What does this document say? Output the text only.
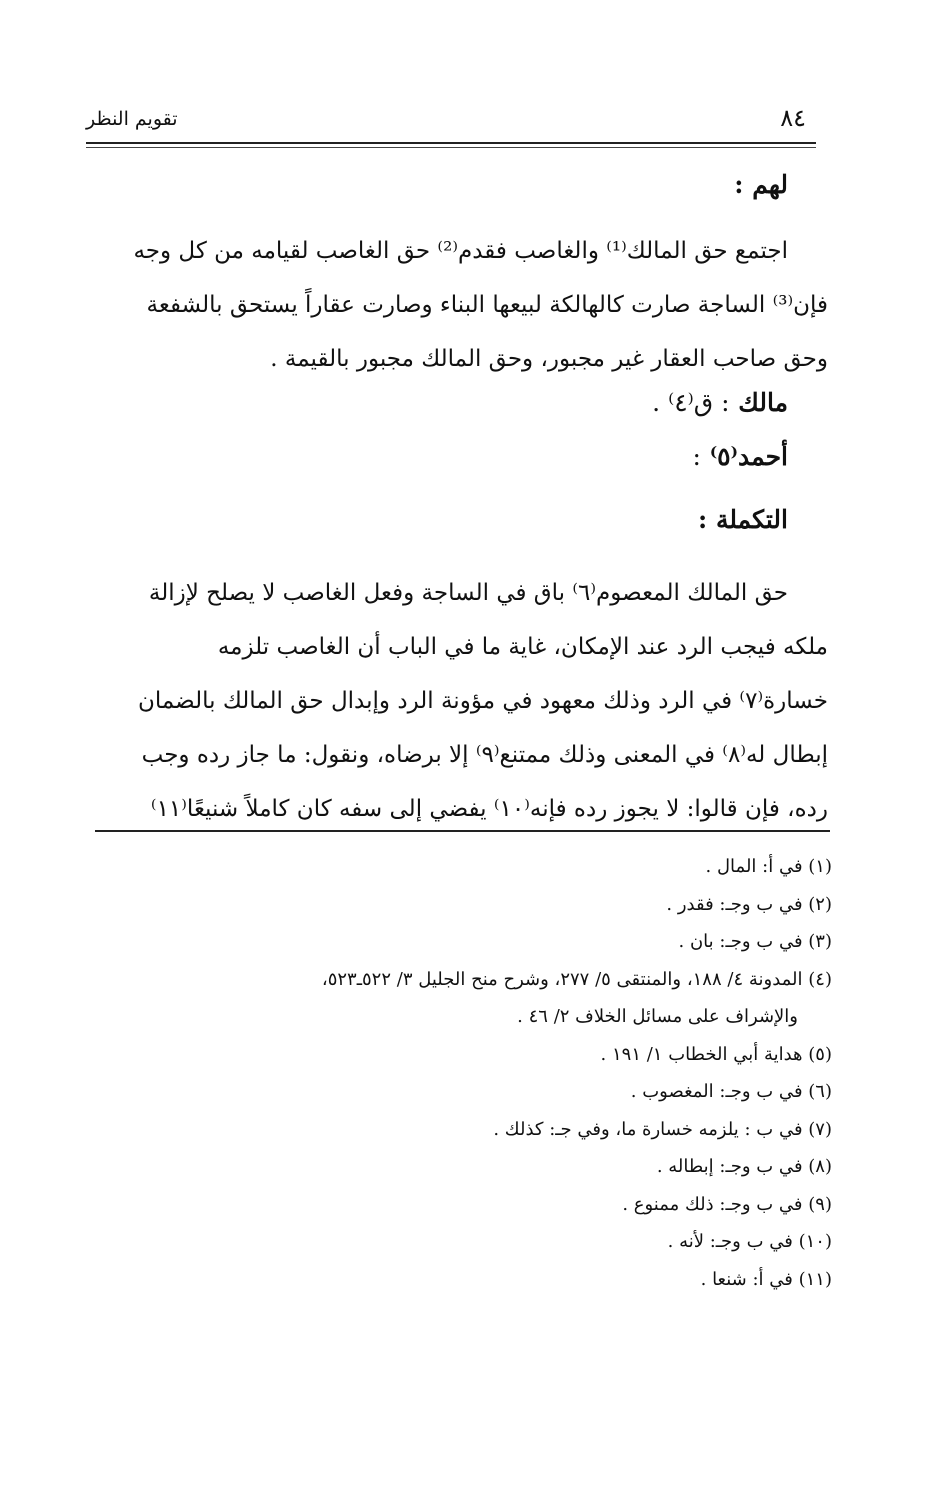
٨٤
تقويم النظر
لهم :
اجتمع حق المالك⁽¹⁾ والغاصب فقدم⁽²⁾ حق الغاصب لقيامه من كل وجه
فإن⁽³⁾ الساجة صارت كالهالكة لبيعها البناء وصارت عقاراً يستحق بالشفعة
وحق صاحب العقار غير مجبور، وحق المالك مجبور بالقيمة .
مالك : ق⁽٤⁾ .
أحمد⁽٥⁾ :
التكملة :
حق المالك المعصوم⁽٦⁾ باق في الساجة وفعل الغاصب لا يصلح لإزالة
ملكه فيجب الرد عند الإمكان، غاية ما في الباب أن الغاصب تلزمه
خسارة⁽٧⁾ في الرد وذلك معهود في مؤونة الرد وإبدال حق المالك بالضمان
إبطال له⁽٨⁾ في المعنى وذلك ممتنع⁽٩⁾ إلا برضاه، ونقول: ما جاز رده وجب
رده، فإن قالوا: لا يجوز رده فإنه⁽١٠⁾ يفضي إلى سفه كان كاملاً شنيعًا⁽١١⁾
(١) في أ: المال .
(٢) في ب وجـ: فقدر .
(٣) في ب وجـ: بان .
(٤) المدونة ٤/ ١٨٨، والمنتقى ٥/ ٢٧٧، وشرح منح الجليل ٣/ ٥٢٢ـ٥٢٣،
والإشراف على مسائل الخلاف ٢/ ٤٦ .
(٥) هداية أبي الخطاب ١/ ١٩١ .
(٦) في ب وجـ: المغصوب .
(٧) في ب : يلزمه خسارة ما، وفي جـ: كذلك .
(٨) في ب وجـ: إبطاله .
(٩) في ب وجـ: ذلك ممنوع .
(١٠) في ب وجـ: لأنه .
(١١) في أ: شنعا .
